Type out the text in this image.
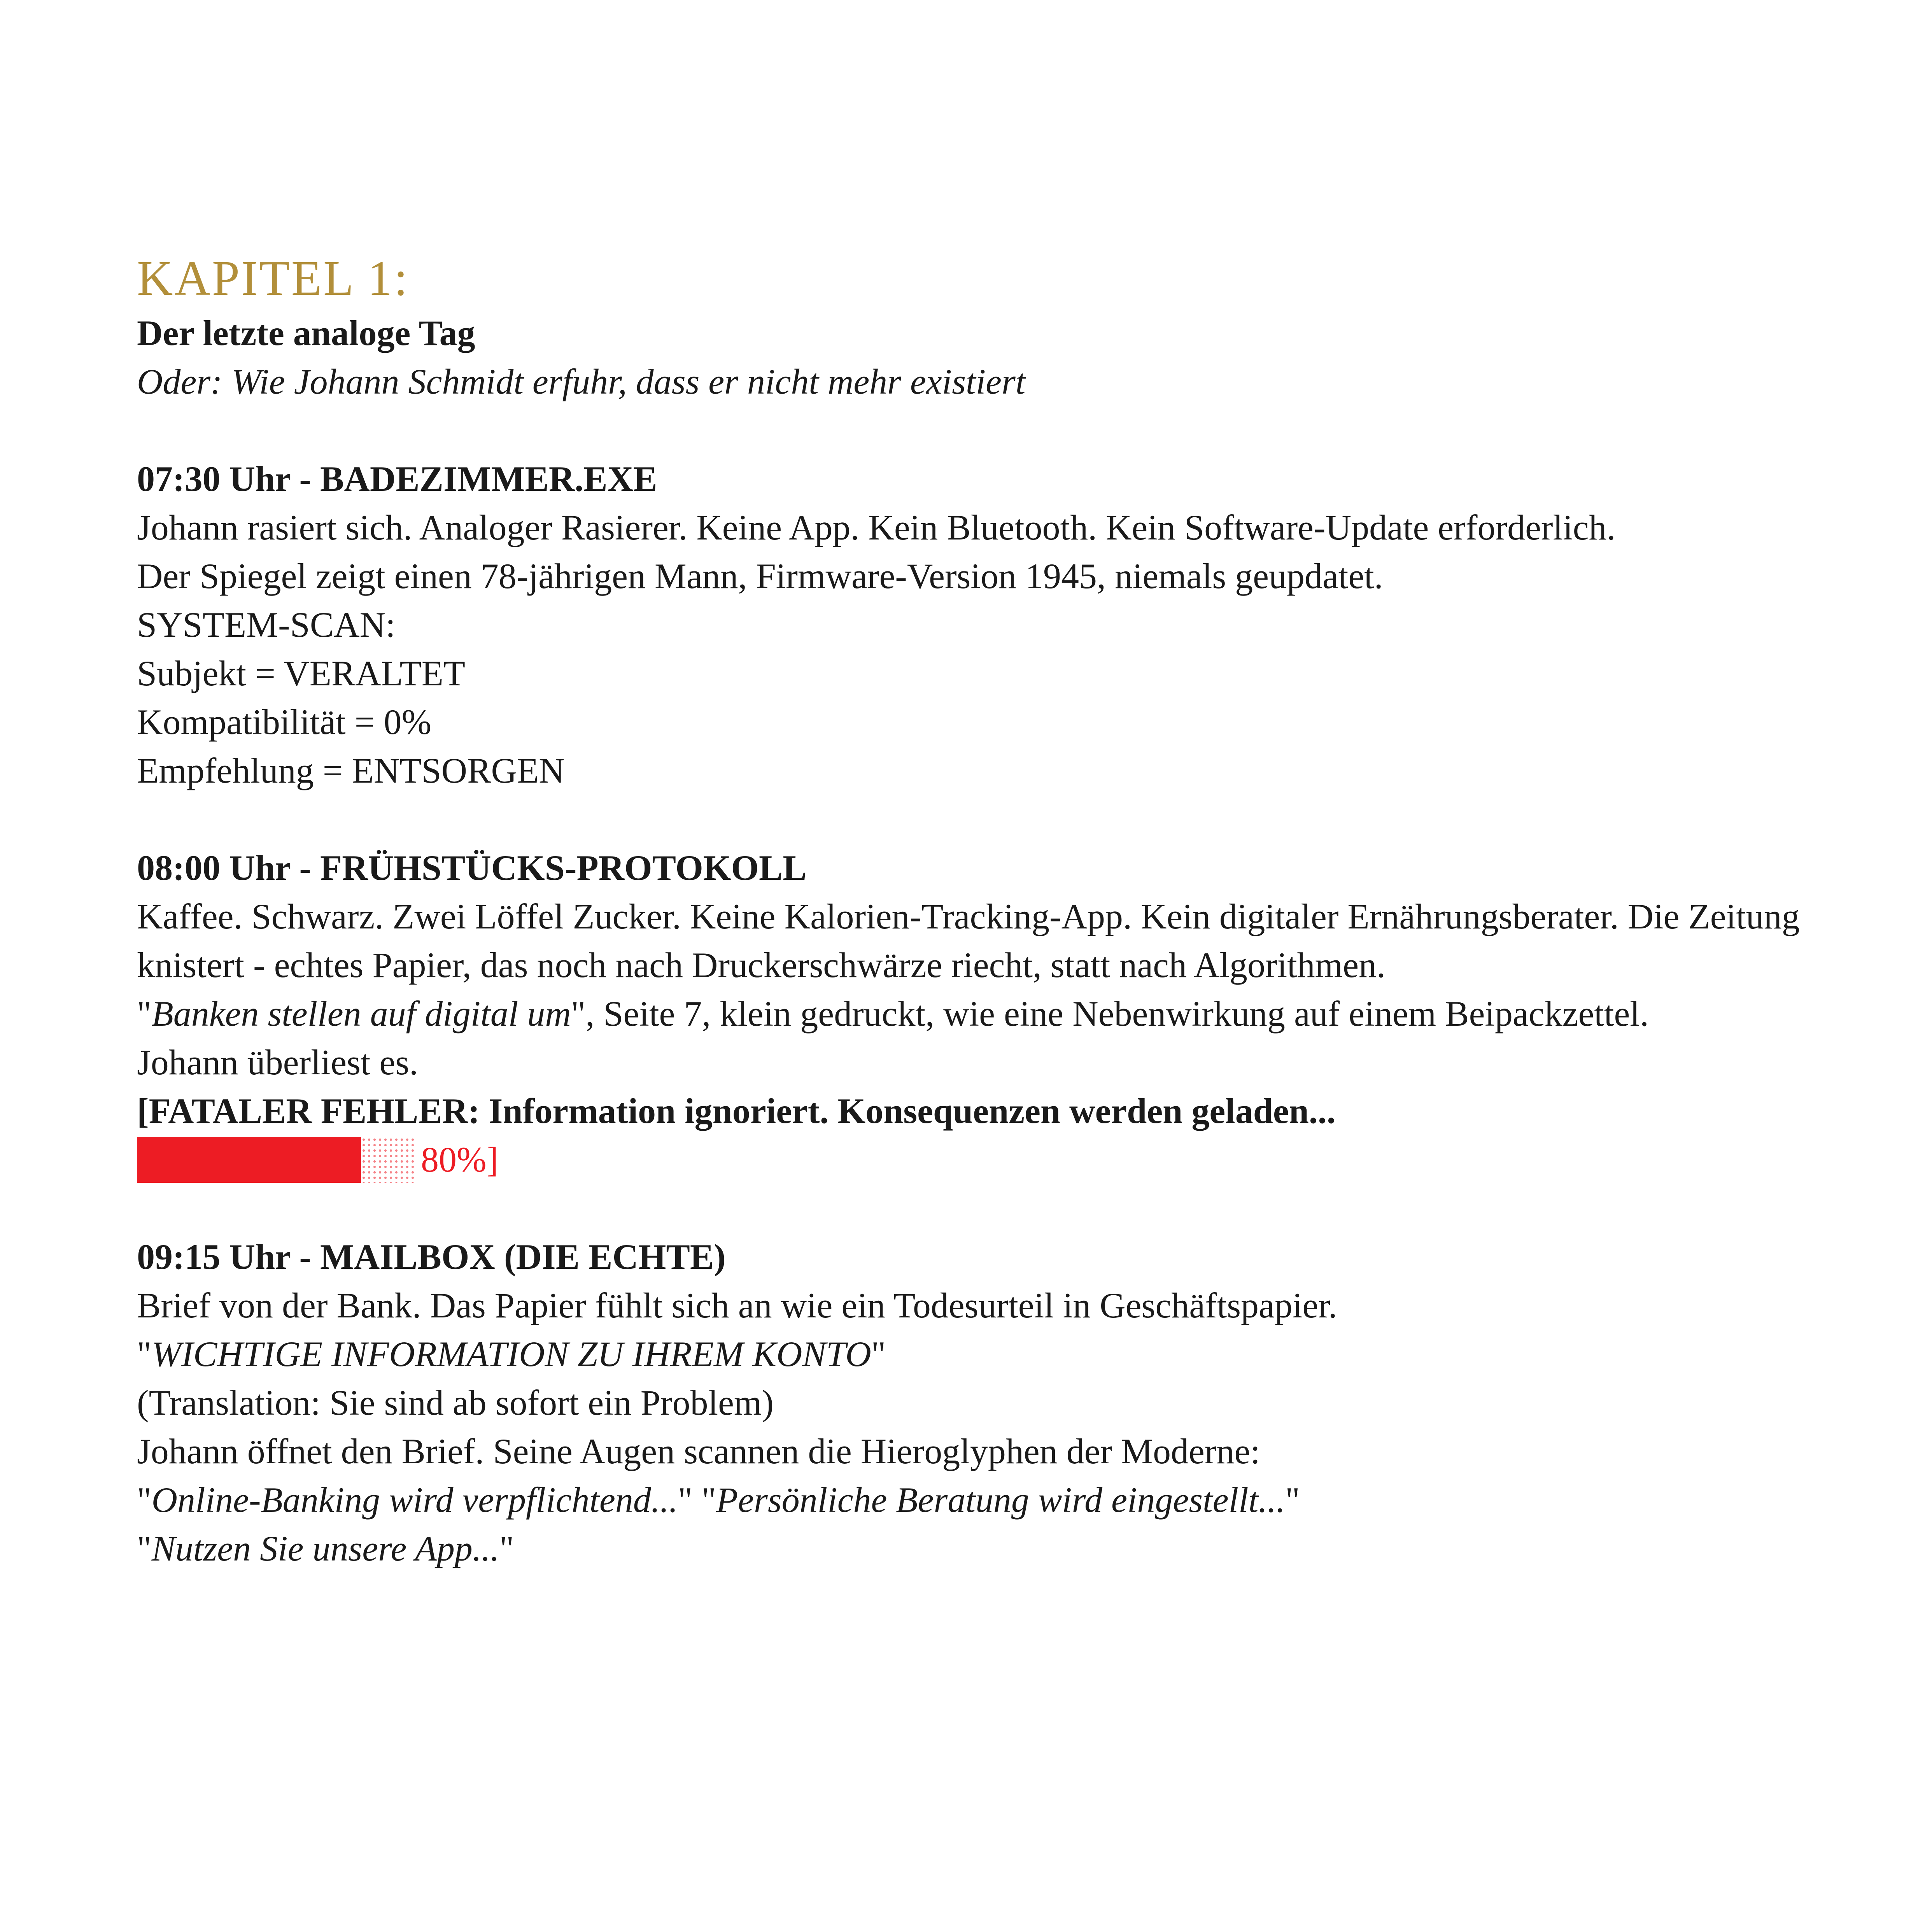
KAPITEL 1:

Der letzte analoge Tag

Oder: Wie Johann Schmidt erfuhr, dass er nicht mehr existiert

07:30 Uhr - BADEZIMMER.EXE

Johann rasiert sich. Analoger Rasierer. Keine App. Kein Bluetooth. Kein Software-Update erforderlich.

Der Spiegel zeigt einen 78-jährigen Mann, Firmware-Version 1945, niemals geupdatet.

SYSTEM-SCAN:

Subjekt = VERALTET

Kompatibilität = 0%

Empfehlung = ENTSORGEN

08:00 Uhr - FRÜHSTÜCKS-PROTOKOLL

Kaffee. Schwarz. Zwei Löffel Zucker. Keine Kalorien-Tracking-App. Kein digitaler Ernährungsberater. Die Zeitung knistert - echtes Papier, das noch nach Druckerschwärze riecht, statt nach Algorithmen.

"Banken stellen auf digital um", Seite 7, klein gedruckt, wie eine Nebenwirkung auf einem Beipackzettel.

Johann überliest es.

[FATALER FEHLER: Information ignoriert. Konsequenzen werden geladen...

80%]

09:15 Uhr - MAILBOX (DIE ECHTE)

Brief von der Bank. Das Papier fühlt sich an wie ein Todesurteil in Geschäftspapier.

"WICHTIGE INFORMATION ZU IHREM KONTO"

(Translation: Sie sind ab sofort ein Problem)

Johann öffnet den Brief. Seine Augen scannen die Hieroglyphen der Moderne:

"Online-Banking wird verpflichtend..." "Persönliche Beratung wird eingestellt..."

"Nutzen Sie unsere App..."
